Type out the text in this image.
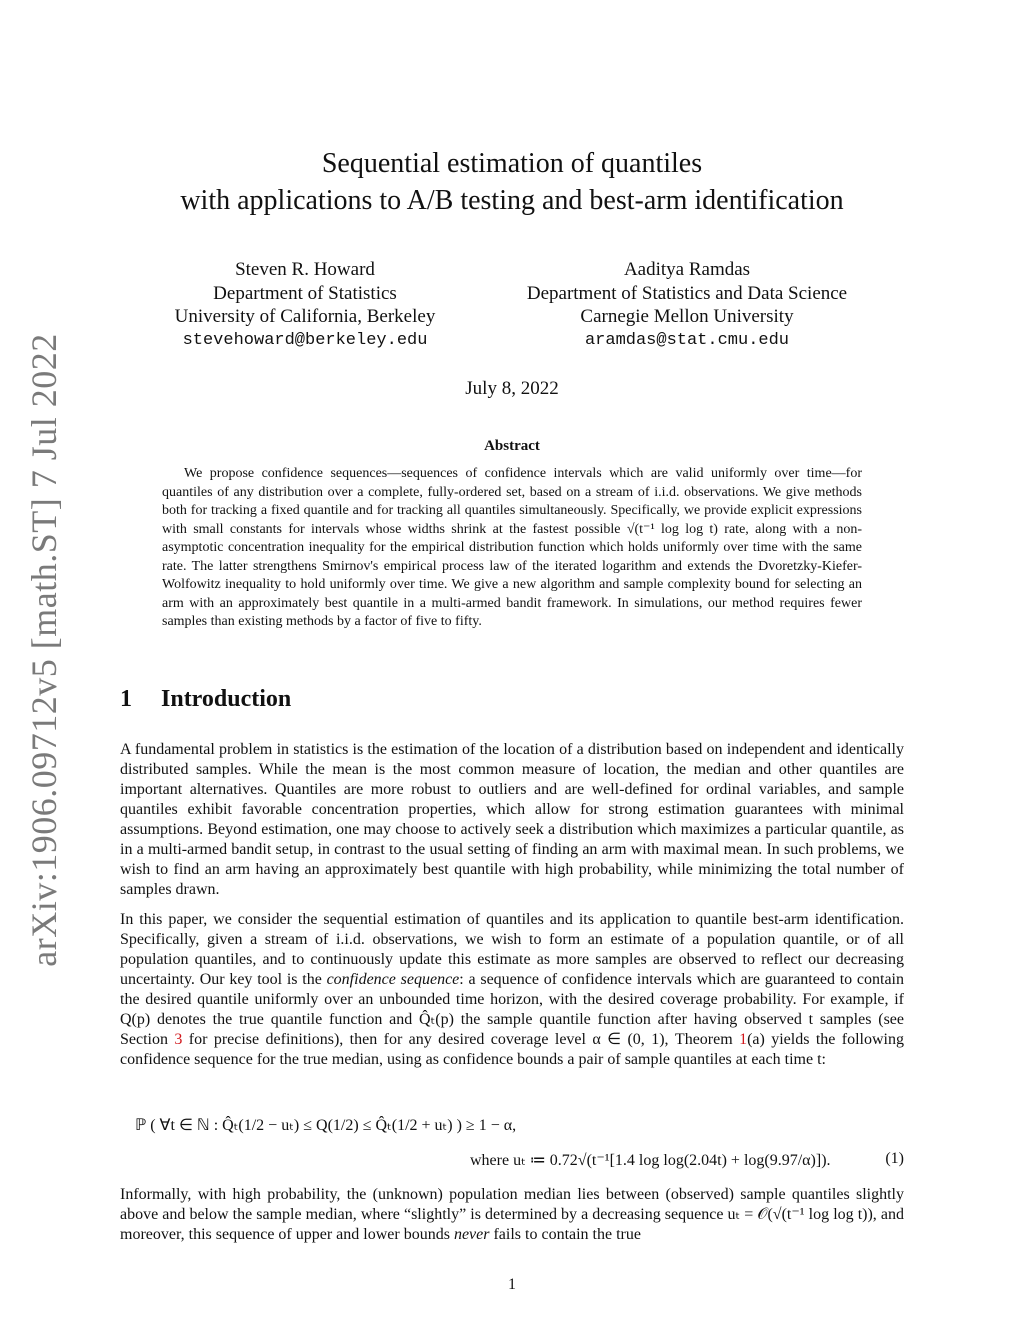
arXiv:1906.09712v5 [math.ST] 7 Jul 2022
Sequential estimation of quantiles
with applications to A/B testing and best-arm identification
Steven R. Howard
Department of Statistics
University of California, Berkeley
stevehoward@berkeley.edu
Aaditya Ramdas
Department of Statistics and Data Science
Carnegie Mellon University
aramdas@stat.cmu.edu
July 8, 2022
Abstract

We propose confidence sequences—sequences of confidence intervals which are valid uniformly over time—for quantiles of any distribution over a complete, fully-ordered set, based on a stream of i.i.d. observations. We give methods both for tracking a fixed quantile and for tracking all quantiles simultaneously. Specifically, we provide explicit expressions with small constants for intervals whose widths shrink at the fastest possible √(t⁻¹ log log t) rate, along with a non-asymptotic concentration inequality for the empirical distribution function which holds uniformly over time with the same rate. The latter strengthens Smirnov's empirical process law of the iterated logarithm and extends the Dvoretzky-Kiefer-Wolfowitz inequality to hold uniformly over time. We give a new algorithm and sample complexity bound for selecting an arm with an approximately best quantile in a multi-armed bandit framework. In simulations, our method requires fewer samples than existing methods by a factor of five to fifty.

1 Introduction

A fundamental problem in statistics is the estimation of the location of a distribution based on independent and identically distributed samples. While the mean is the most common measure of location, the median and other quantiles are important alternatives. Quantiles are more robust to outliers and are well-defined for ordinal variables, and sample quantiles exhibit favorable concentration properties, which allow for strong estimation guarantees with minimal assumptions. Beyond estimation, one may choose to actively seek a distribution which maximizes a particular quantile, as in a multi-armed bandit setup, in contrast to the usual setting of finding an arm with maximal mean. In such problems, we wish to find an arm having an approximately best quantile with high probability, while minimizing the total number of samples drawn.

In this paper, we consider the sequential estimation of quantiles and its application to quantile best-arm identification. Specifically, given a stream of i.i.d. observations, we wish to form an estimate of a population quantile, or of all population quantiles, and to continuously update this estimate as more samples are observed to reflect our decreasing uncertainty. Our key tool is the confidence sequence: a sequence of confidence intervals which are guaranteed to contain the desired quantile uniformly over an unbounded time horizon, with the desired coverage probability. For example, if Q(p) denotes the true quantile function and Q̂ₜ(p) the sample quantile function after having observed t samples (see Section 3 for precise definitions), then for any desired coverage level α ∈ (0, 1), Theorem 1(a) yields the following confidence sequence for the true median, using as confidence bounds a pair of sample quantiles at each time t:

ℙ ( ∀t ∈ ℕ : Q̂ₜ(1/2 − uₜ) ≤ Q(1/2) ≤ Q̂ₜ(1/2 + uₜ) ) ≥ 1 − α,
where uₜ ≔ 0.72√(t⁻¹[1.4 log log(2.04t) + log(9.97/α)]).	(1)

Informally, with high probability, the (unknown) population median lies between (observed) sample quantiles slightly above and below the sample median, where “slightly” is determined by a decreasing sequence uₜ = 𝒪(√(t⁻¹ log log t)), and moreover, this sequence of upper and lower bounds never fails to contain the true

1
